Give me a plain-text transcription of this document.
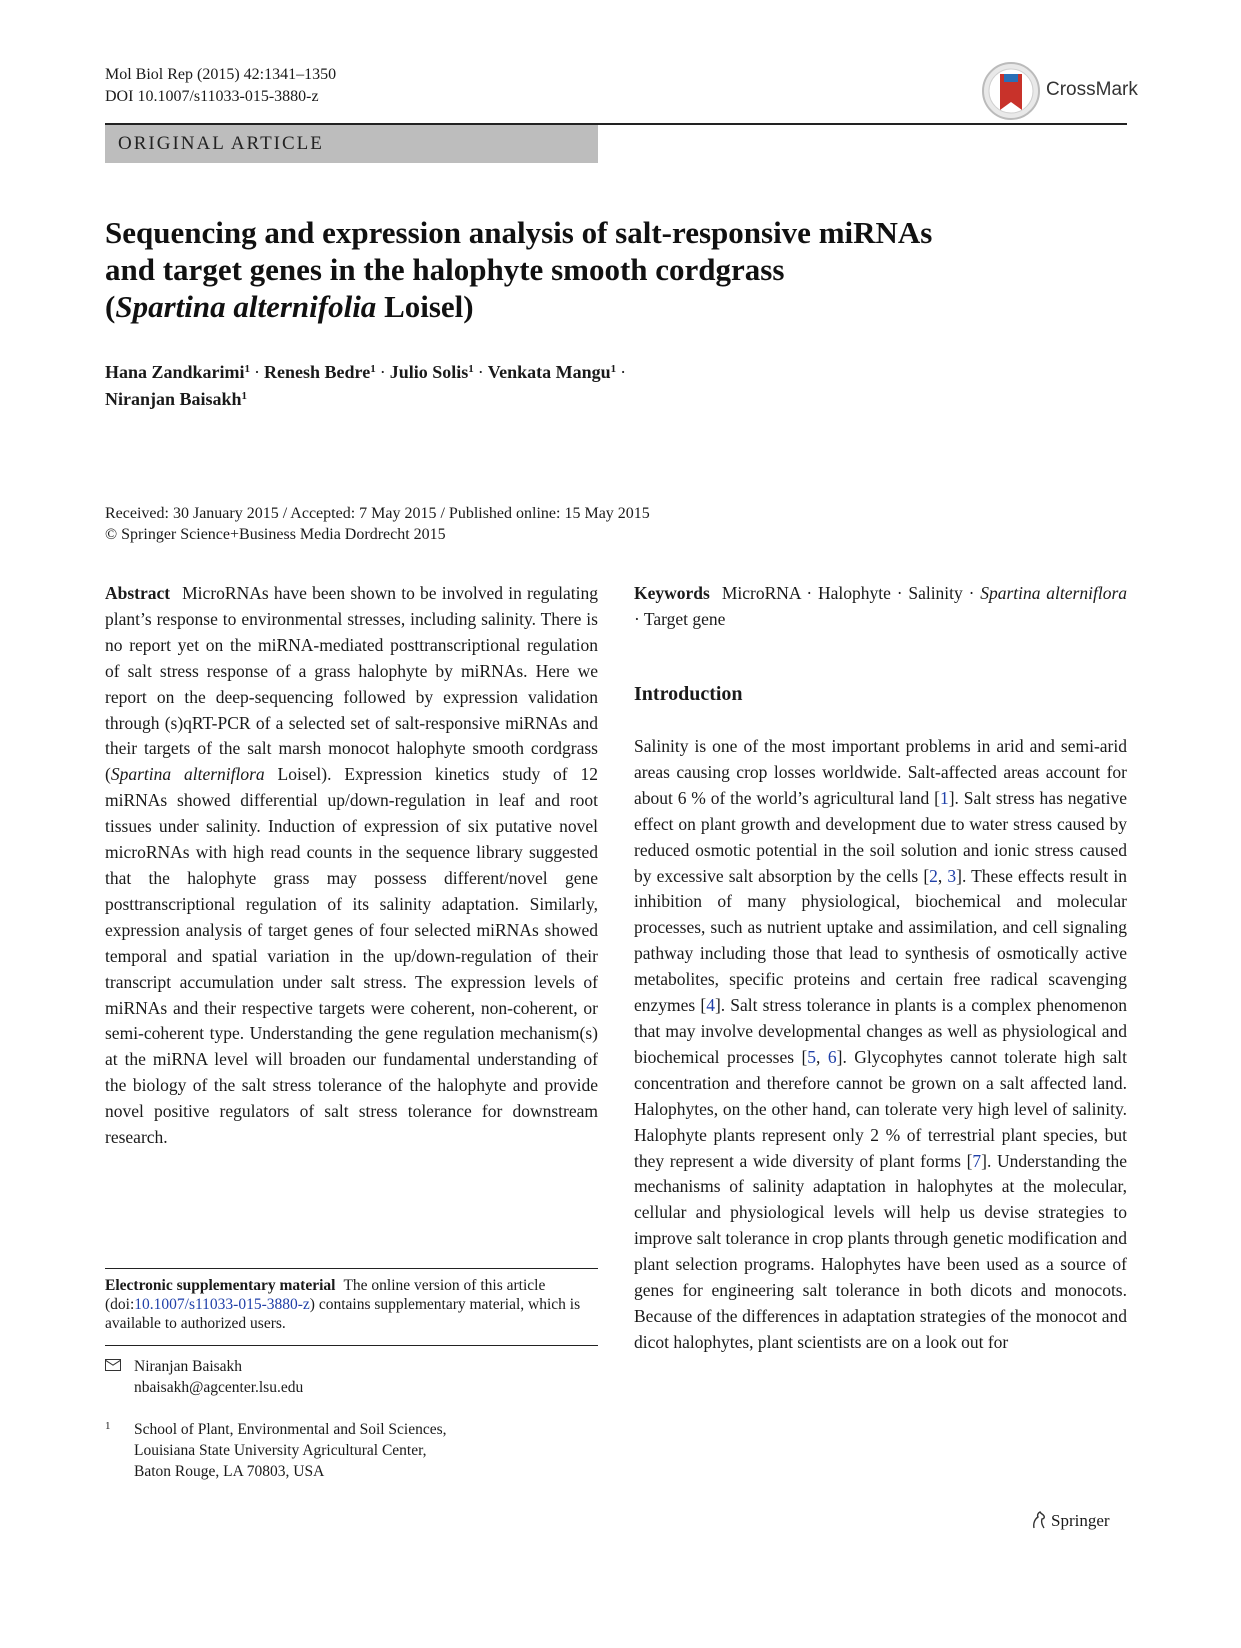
Mol Biol Rep (2015) 42:1341–1350
DOI 10.1007/s11033-015-3880-z	CrossMark
ORIGINAL ARTICLE
Sequencing and expression analysis of salt-responsive miRNAs
and target genes in the halophyte smooth cordgrass
(Spartina alternifolia Loisel)
Hana Zandkarimi$^1$ · Renesh Bedre$^1$ · Julio Solis$^1$ · Venkata Mangu$^1$ ·
Niranjan Baisakh$^1$
Received: 30 January 2015 / Accepted: 7 May 2015 / Published online: 15 May 2015
© Springer Science+Business Media Dordrecht 2015
Abstract MicroRNAs have been shown to be involved in regulating plant’s response to environmental stresses, including salinity. There is no report yet on the miRNA-mediated posttranscriptional regulation of salt stress response of a grass halophyte by miRNAs. Here we report on the deep-sequencing followed by expression validation through (s)qRT-PCR of a selected set of salt-responsive miRNAs and their targets of the salt marsh monocot halophyte smooth cordgrass (Spartina alterniflora Loisel). Expression kinetics study of 12 miRNAs showed differential up/down-regulation in leaf and root tissues under salinity. Induction of expression of six putative novel microRNAs with high read counts in the sequence library suggested that the halophyte grass may possess different/novel gene posttranscriptional regulation of its salinity adaptation. Similarly, expression analysis of target genes of four selected miRNAs showed temporal and spatial variation in the up/down-regulation of their transcript accumulation under salt stress. The expression levels of miRNAs and their respective targets were coherent, non-coherent, or semi-coherent type. Understanding the gene regulation mechanism(s) at the miRNA level will broaden our fundamental understanding of the biology of the salt stress tolerance of the halophyte and provide novel positive regulators of salt stress tolerance for downstream research.
Keywords MicroRNA · Halophyte · Salinity · Spartina alterniflora · Target gene
Introduction
Salinity is one of the most important problems in arid and semi-arid areas causing crop losses worldwide. Salt-affected areas account for about 6 % of the world’s agricultural land [1]. Salt stress has negative effect on plant growth and development due to water stress caused by reduced osmotic potential in the soil solution and ionic stress caused by excessive salt absorption by the cells [2, 3]. These effects result in inhibition of many physiological, biochemical and molecular processes, such as nutrient uptake and assimilation, and cell signaling pathway including those that lead to synthesis of osmotically active metabolites, specific proteins and certain free radical scavenging enzymes [4]. Salt stress tolerance in plants is a complex phenomenon that may involve developmental changes as well as physiological and biochemical processes [5, 6]. Glycophytes cannot tolerate high salt concentration and therefore cannot be grown on a salt affected land. Halophytes, on the other hand, can tolerate very high level of salinity. Halophyte plants represent only 2 % of terrestrial plant species, but they represent a wide diversity of plant forms [7]. Understanding the mechanisms of salinity adaptation in halophytes at the molecular, cellular and physiological levels will help us devise strategies to improve salt tolerance in crop plants through genetic modification and plant selection programs. Halophytes have been used as a source of genes for engineering salt tolerance in both dicots and monocots. Because of the differences in adaptation strategies of the monocot and dicot halophytes, plant scientists are on a look out for
Electronic supplementary material The online version of this article (doi:10.1007/s11033-015-3880-z) contains supplementary material, which is available to authorized users.
Niranjan Baisakh
nbaisakh@agcenter.lsu.edu
1 School of Plant, Environmental and Soil Sciences,
Louisiana State University Agricultural Center,
Baton Rouge, LA 70803, USA
Springer
